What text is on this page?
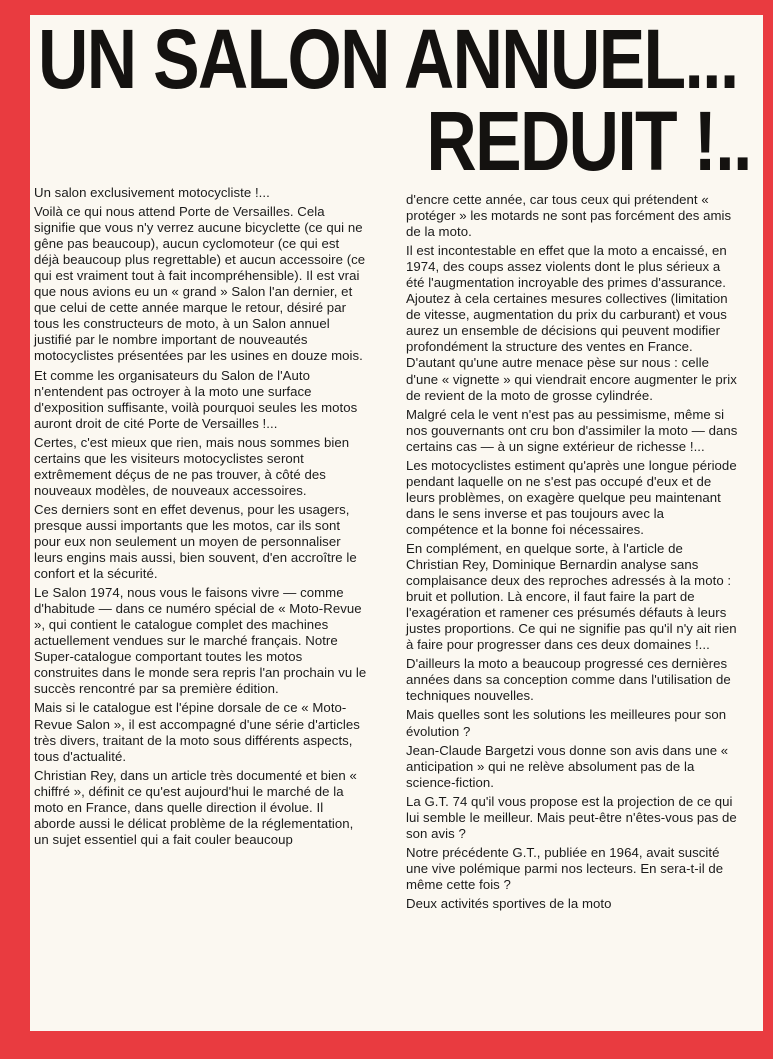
UN SALON ANNUEL...
REDUIT !..

Un salon exclusivement motocycliste !...

Voilà ce qui nous attend Porte de Versailles. Cela signifie que vous n'y verrez aucune bicyclette (ce qui ne gêne pas beaucoup), aucun cyclomoteur (ce qui est déjà beaucoup plus regrettable) et aucun accessoire (ce qui est vraiment tout à fait incompréhensible). Il est vrai que nous avions eu un « grand » Salon l'an dernier, et que celui de cette année marque le retour, désiré par tous les constructeurs de moto, à un Salon annuel justifié par le nombre important de nouveautés motocyclistes présentées par les usines en douze mois.

Et comme les organisateurs du Salon de l'Auto n'entendent pas octroyer à la moto une surface d'exposition suffisante, voilà pourquoi seules les motos auront droit de cité Porte de Versailles !...

Certes, c'est mieux que rien, mais nous sommes bien certains que les visiteurs motocyclistes seront extrêmement déçus de ne pas trouver, à côté des nouveaux modèles, de nouveaux accessoires.

Ces derniers sont en effet devenus, pour les usagers, presque aussi importants que les motos, car ils sont pour eux non seulement un moyen de personnaliser leurs engins mais aussi, bien souvent, d'en accroître le confort et la sécurité.

Le Salon 1974, nous vous le faisons vivre — comme d'habitude — dans ce numéro spécial de « Moto-Revue », qui contient le catalogue complet des machines actuellement vendues sur le marché français. Notre Super-catalogue comportant toutes les motos construites dans le monde sera repris l'an prochain vu le succès rencontré par sa première édition.

Mais si le catalogue est l'épine dorsale de ce « Moto-Revue Salon », il est accompagné d'une série d'articles très divers, traitant de la moto sous différents aspects, tous d'actualité.

Christian Rey, dans un article très documenté et bien « chiffré », définit ce qu'est aujourd'hui le marché de la moto en France, dans quelle direction il évolue. Il aborde aussi le délicat problème de la réglementation, un sujet essentiel qui a fait couler beaucoup

d'encre cette année, car tous ceux qui prétendent « protéger » les motards ne sont pas forcément des amis de la moto.

Il est incontestable en effet que la moto a encaissé, en 1974, des coups assez violents dont le plus sérieux a été l'augmentation incroyable des primes d'assurance. Ajoutez à cela certaines mesures collectives (limitation de vitesse, augmentation du prix du carburant) et vous aurez un ensemble de décisions qui peuvent modifier profondément la structure des ventes en France. D'autant qu'une autre menace pèse sur nous : celle d'une « vignette » qui viendrait encore augmenter le prix de revient de la moto de grosse cylindrée.

Malgré cela le vent n'est pas au pessimisme, même si nos gouvernants ont cru bon d'assimiler la moto — dans certains cas — à un signe extérieur de richesse !...

Les motocyclistes estiment qu'après une longue période pendant laquelle on ne s'est pas occupé d'eux et de leurs problèmes, on exagère quelque peu maintenant dans le sens inverse et pas toujours avec la compétence et la bonne foi nécessaires.

En complément, en quelque sorte, à l'article de Christian Rey, Dominique Bernardin analyse sans complaisance deux des reproches adressés à la moto : bruit et pollution. Là encore, il faut faire la part de l'exagération et ramener ces présumés défauts à leurs justes proportions. Ce qui ne signifie pas qu'il n'y ait rien à faire pour progresser dans ces deux domaines !...

D'ailleurs la moto a beaucoup progressé ces dernières années dans sa conception comme dans l'utilisation de techniques nouvelles.

Mais quelles sont les solutions les meilleures pour son évolution ?

Jean-Claude Bargetzi vous donne son avis dans une « anticipation » qui ne relève absolument pas de la science-fiction.

La G.T. 74 qu'il vous propose est la projection de ce qui lui semble le meilleur. Mais peut-être n'êtes-vous pas de son avis ?

Notre précédente G.T., publiée en 1964, avait suscité une vive polémique parmi nos lecteurs. En sera-t-il de même cette fois ?

Deux activités sportives de la moto
